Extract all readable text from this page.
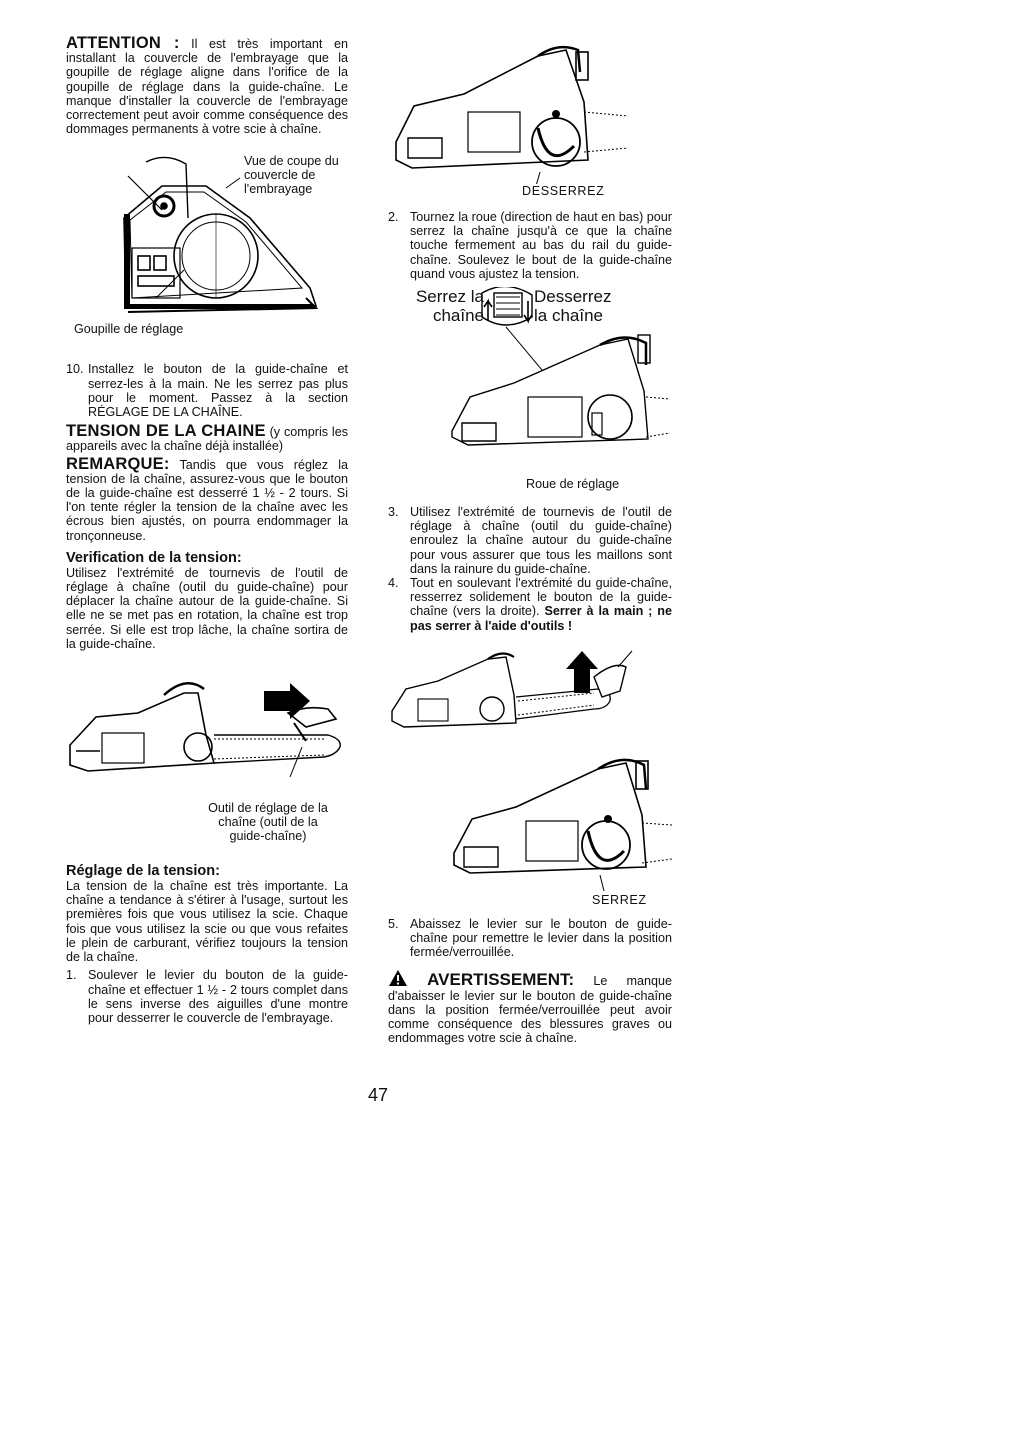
ATTENTION : Il est très important en installant la couvercle de l'embrayage que la goupille de réglage aligne dans l'orifice de la goupille de réglage dans la guide-chaîne. Le manque d'installer la couvercle de l'embrayage correctement peut avoir comme conséquence des dommages permanents à votre scie à chaîne.

Vue de coupe du couvercle de l'embrayage
Goupille de réglage
10. Installez le bouton de la guide-chaîne et serrez-les à la main. Ne les serrez pas plus pour le moment. Passez à la section RÉGLAGE DE LA CHAÎNE.

TENSION DE LA CHAINE (y compris les appareils avec la chaîne déjà installée)

REMARQUE: Tandis que vous réglez la tension de la chaîne, assurez-vous que le bouton de la guide-chaîne est desserré 1 ½ - 2 tours. Si l'on tente régler la tension de la chaîne avec les écrous bien ajustés, on pourra endommager la tronçonneuse.

Verification de la tension:

Utilisez l'extrémité de tournevis de l'outil de réglage à chaîne (outil du guide-chaîne) pour déplacer la chaîne autour de la guide-chaîne. Si elle ne se met pas en rotation, la chaîne est trop serrée. Si elle est trop lâche, la chaîne sortira de la guide-chaîne.

Outil de réglage de la
chaîne (outil de la
guide-chaîne)
Réglage de la tension:

La tension de la chaîne est très importante. La chaîne a tendance à s'étirer à l'usage, surtout les premières fois que vous utilisez la scie. Chaque fois que vous utilisez la scie ou que vous refaites le plein de carburant, vérifiez toujours la tension de la chaîne.

1. Soulever le levier du bouton de la guide-chaîne et effectuer 1 ½ - 2 tours complet dans le sens inverse des aiguilles d'une montre pour desserrer le couvercle de l'embrayage.
DESSERREZ
2. Tournez la roue (direction de haut en bas) pour serrez la chaîne jusqu'à ce que la chaîne touche fermement au bas du rail du guide-chaîne. Soulevez le bout de la guide-chaîne quand vous ajustez la tension.
Serrez la
chaîne
Desserrez
la chaîne
Roue de réglage
3. Utilisez l'extrémité de tournevis de l'outil de réglage à chaîne (outil du guide-chaîne) enroulez la chaîne autour du guide-chaîne pour vous assurer que tous les maillons sont dans la rainure du guide-chaîne.
4. Tout en soulevant l'extrémité du guide-chaîne, resserrez solidement le bouton de la guide-chaîne (vers la droite). Serrer à la main ; ne pas serrer à l'aide d'outils !
SERREZ
5. Abaissez le levier sur le bouton de guide-chaîne pour remettre le levier dans la position fermée/verrouillée.

AVERTISSEMENT: Le manque d'abaisser le levier sur le bouton de guide-chaîne dans la position fermée/verrouillée peut avoir comme conséquence des blessures graves ou endommages votre scie à chaîne.

47
